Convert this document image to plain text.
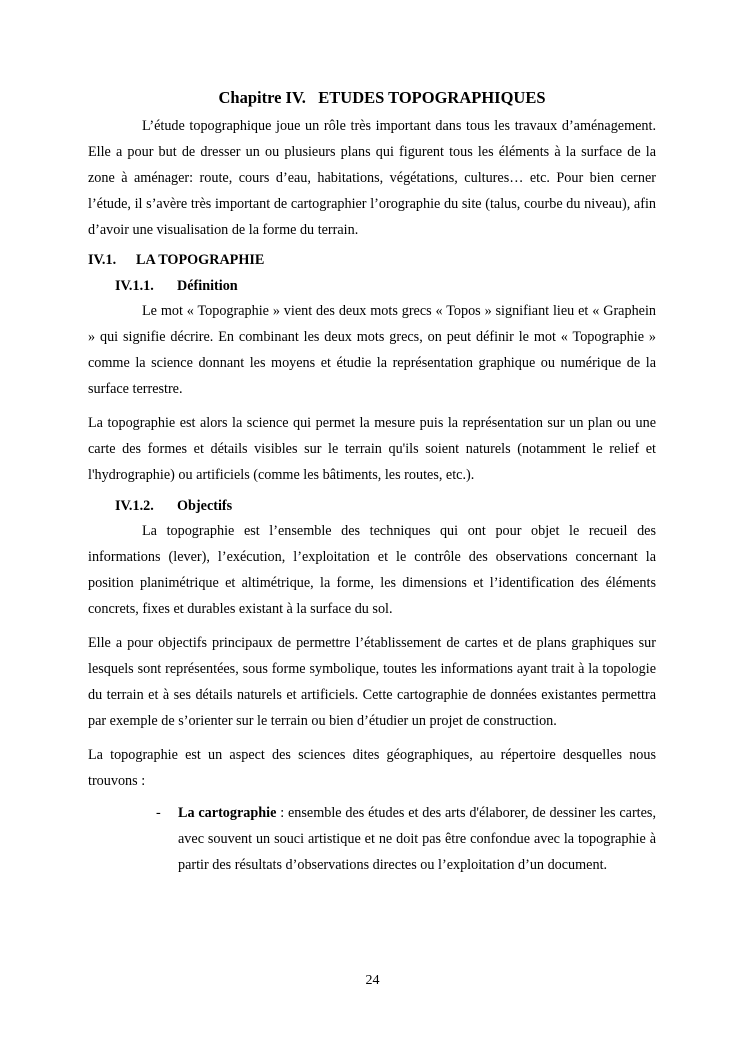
Chapitre IV.   ETUDES TOPOGRAPHIQUES

L’étude topographique joue un rôle très important dans tous les travaux d’aménagement. Elle a pour but de dresser un ou plusieurs plans qui figurent tous les éléments à la surface de la zone à aménager: route, cours d’eau, habitations, végétations, cultures… etc. Pour bien cerner l’étude, il s’avère très important de cartographier l’orographie du site (talus, courbe du niveau), afin d’avoir une visualisation de la forme du terrain.

IV.1. LA TOPOGRAPHIE
IV.1.1. Définition

Le mot « Topographie » vient des deux mots grecs « Topos » signifiant lieu et « Graphein » qui signifie décrire. En combinant les deux mots grecs, on peut définir le mot « Topographie » comme la science donnant les moyens et étudie la représentation graphique ou numérique de la surface terrestre.

La topographie est alors la science qui permet la mesure puis la représentation sur un plan ou une carte des formes et détails visibles sur le terrain qu'ils soient naturels (notamment le relief et l'hydrographie) ou artificiels (comme les bâtiments, les routes, etc.).

IV.1.2. Objectifs

La topographie est l’ensemble des techniques qui ont pour objet le recueil des informations (lever), l’exécution, l’exploitation et le contrôle des observations concernant la position planimétrique et altimétrique, la forme, les dimensions et l’identification des éléments concrets, fixes et durables existant à la surface du sol.

Elle a pour objectifs principaux de permettre l’établissement de cartes et de plans graphiques sur lesquels sont représentées, sous forme symbolique, toutes les informations ayant trait à la topologie du terrain et à ses détails naturels et artificiels. Cette cartographie de données existantes permettra par exemple de s’orienter sur le terrain ou bien d’étudier un projet de construction.

La topographie est un aspect des sciences dites géographiques, au répertoire desquelles nous trouvons :

- La cartographie : ensemble des études et des arts d'élaborer, de dessiner les cartes, avec souvent un souci artistique et ne doit pas être confondue avec la topographie à partir des résultats d’observations directes ou l’exploitation d’un document.

24
